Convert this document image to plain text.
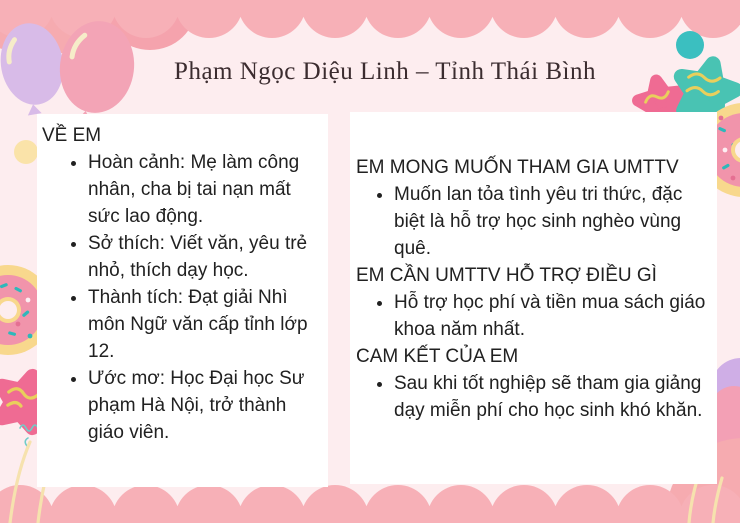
Phạm Ngọc Diệu Linh – Tỉnh Thái Bình
VỀ EM
• Hoàn cảnh: Mẹ làm công nhân, cha bị tai nạn mất sức lao động.
• Sở thích: Viết văn, yêu trẻ nhỏ, thích dạy học.
• Thành tích: Đạt giải Nhì môn Ngữ văn cấp tỉnh lớp 12.
• Ước mơ: Học Đại học Sư phạm Hà Nội, trở thành giáo viên.
EM MONG MUỐN THAM GIA UMTTV
• Muốn lan tỏa tình yêu tri thức, đặc biệt là hỗ trợ học sinh nghèo vùng quê.
EM CẦN UMTTV HỖ TRỢ ĐIỀU GÌ
• Hỗ trợ học phí và tiền mua sách giáo khoa năm nhất.
CAM KẾT CỦA EM
• Sau khi tốt nghiệp sẽ tham gia giảng dạy miễn phí cho học sinh khó khăn.
